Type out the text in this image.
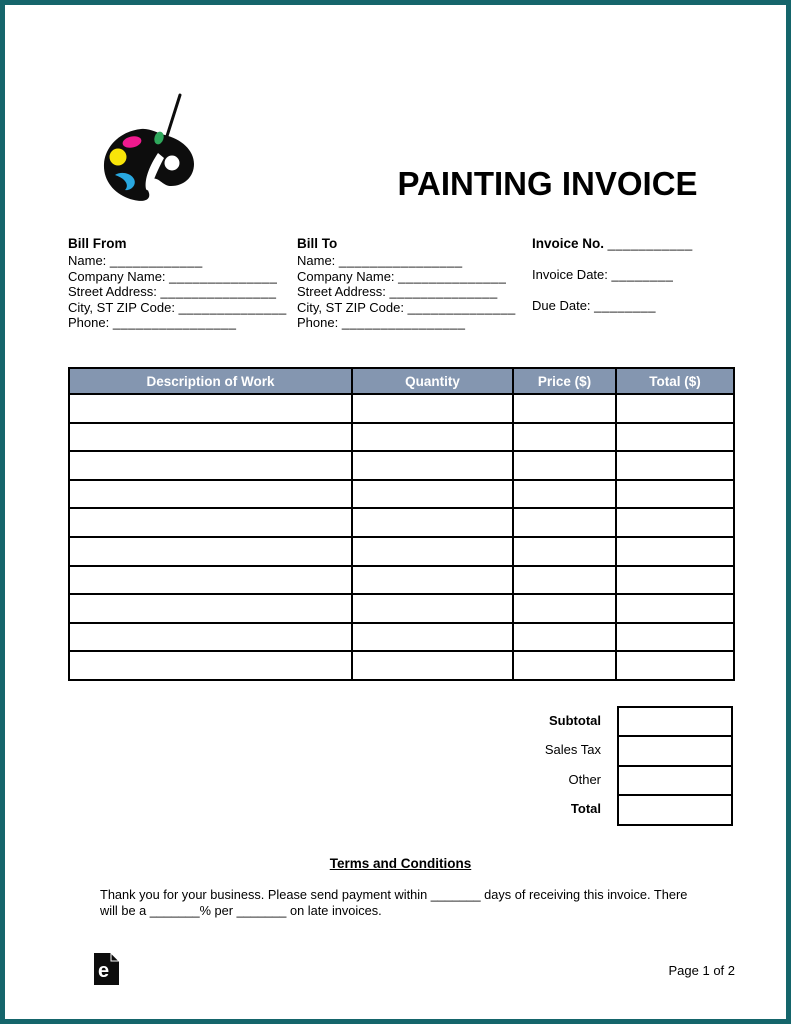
PAINTING INVOICE
Bill From
Name: ____________
Company Name: ______________
Street Address: _______________
City, ST ZIP Code: ______________
Phone: ________________
Bill To
Name: ________________
Company Name: ______________
Street Address: ______________
City, ST ZIP Code: ______________
Phone: ________________
Invoice No. ___________
Invoice Date: ________
Due Date: ________
Description of Work	Quantity	Price ($)	Total ($)

Subtotal
Sales Tax
Other
Total
Terms and Conditions
Thank you for your business. Please send payment within _______ days of receiving this invoice. There
will be a _______% per _______ on late invoices.
e	Page 1 of 2
